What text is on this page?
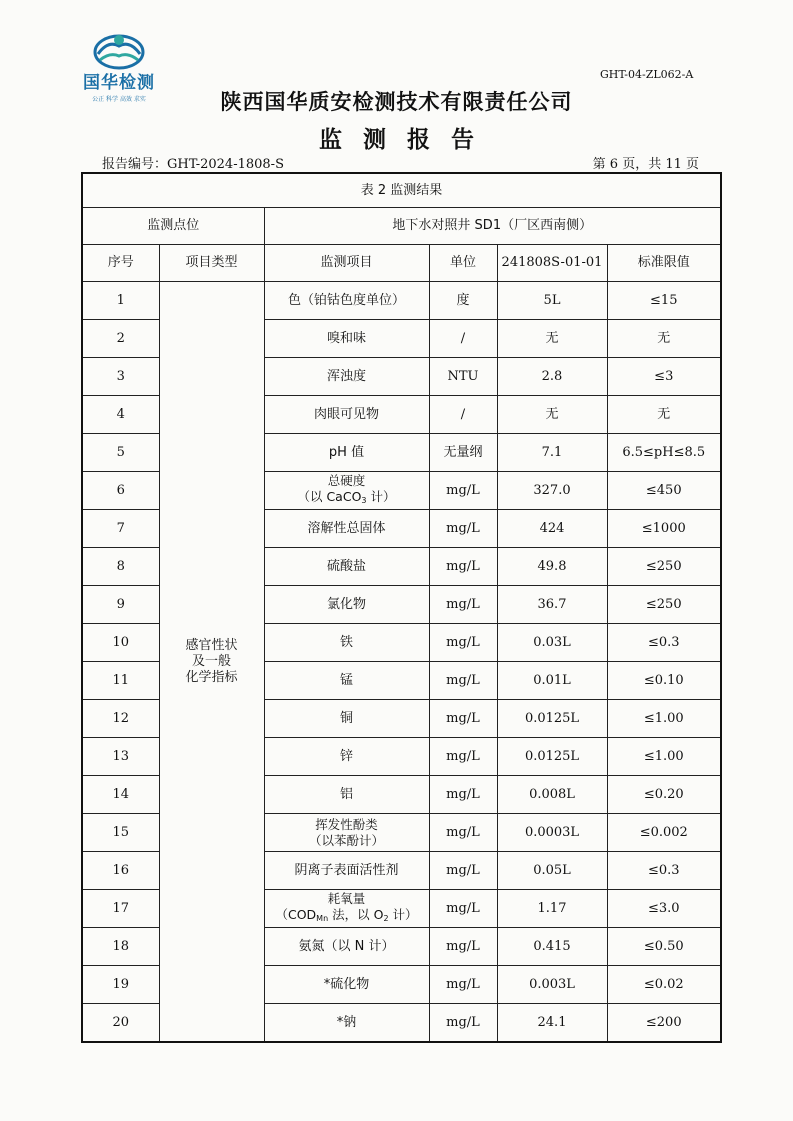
国华检测
公正 科学 高效 求实
GHT-04-ZL062-A
陕西国华质安检测技术有限责任公司
监测报告
报告编号：GHT-2024-1808-S	第 6 页，共 11 页
表 2 监测结果					
监测点位		地下水对照井 SD1（厂区西南侧）			
序号	项目类型	监测项目	单位	241808S-01-01	标准限值
1	感官性状
及一般
化学指标	色（铂钴色度单位）	度	5L	≤15
2		嗅和味	/	无	无
3		浑浊度	NTU	2.8	≤3
4		肉眼可见物	/	无	无
5		pH 值	无量纲	7.1	6.5≤pH≤8.5
6		总硬度
（以 CaCO$_3$ 计）	mg/L	327.0	≤450
7		溶解性总固体	mg/L	424	≤1000
8		硫酸盐	mg/L	49.8	≤250
9		氯化物	mg/L	36.7	≤250
10		铁	mg/L	0.03L	≤0.3
11		锰	mg/L	0.01L	≤0.10
12		铜	mg/L	0.0125L	≤1.00
13		锌	mg/L	0.0125L	≤1.00
14		铝	mg/L	0.008L	≤0.20
15		挥发性酚类
（以苯酚计）	mg/L	0.0003L	≤0.002
16		阴离子表面活性剂	mg/L	0.05L	≤0.3
17		耗氧量
（$COD_{Mn}$ 法，以 $O_2$ 计）	mg/L	1.17	≤3.0
18		氨氮（以 N 计）	mg/L	0.415	≤0.50
19		*硫化物	mg/L	0.003L	≤0.02
20		*钠	mg/L	24.1	≤200
